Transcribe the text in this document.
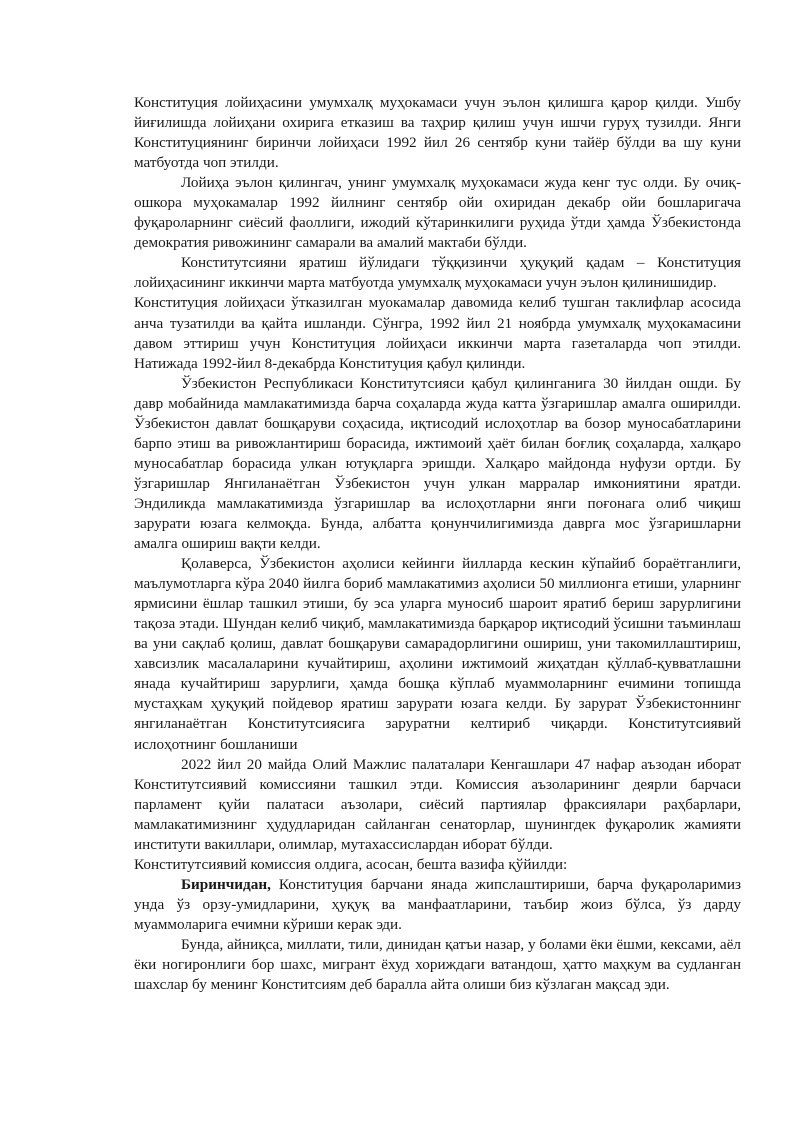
Конституция лойиҳасини умумхалқ муҳокамаси учун эълон қилишга қарор қилди. Ушбу йиғилишда лойиҳани охирига етказиш ва таҳрир қилиш учун ишчи гуруҳ тузилди. Янги Конституциянинг биринчи лойиҳаси 1992 йил 26 сентябр куни тайёр бўлди ва шу куни матбуотда чоп этилди.

Лойиҳа эълон қилингач, унинг умумхалқ муҳокамаси жуда кенг тус олди. Бу очиқ-ошкора муҳокамалар 1992 йилнинг сентябр ойи охиридан декабр ойи бошларигача фуқароларнинг сиёсий фаоллиги, ижодий кўтаринкилиги руҳида ўтди ҳамда Ўзбекистонда демократия ривожининг самарали ва амалий мактаби бўлди.

Конститутсияни яратиш йўлидаги тўққизинчи ҳуқуқий қадам – Конституция лойиҳасининг иккинчи марта матбуотда умумхалқ муҳокамаси учун эълон қилинишидир.

Конституция лойиҳаси ўтказилган муокамалар давомида келиб тушган таклифлар асосида анча тузатилди ва қайта ишланди. Сўнгра, 1992 йил 21 ноябрда умумхалқ муҳокамасини давом эттириш учун Конституция лойиҳаси иккинчи марта газеталарда чоп этилди. Натижада 1992-йил 8-декабрда Конституция қабул қилинди.

Ўзбекистон Республикаси Конститутсияси қабул қилинганига 30 йилдан ошди. Бу давр мобайнида мамлакатимизда барча соҳаларда жуда катта ўзгаришлар амалга оширилди. Ўзбекистон давлат бошқаруви соҳасида, иқтисодий ислоҳотлар ва бозор муносабатларини барпо этиш ва ривожлантириш борасида, ижтимоий ҳаёт билан боғлиқ соҳаларда, халқаро муносабатлар борасида улкан ютуқларга эришди. Халқаро майдонда нуфузи ортди. Бу ўзгаришлар Янгиланаётган Ўзбекистон учун улкан марралар имкониятини яратди. Эндиликда мамлакатимизда ўзгаришлар ва ислоҳотларни янги поғонага олиб чиқиш зарурати юзага келмоқда. Бунда, албатта қонунчилигимизда даврга мос ўзгаришларни амалга ошириш вақти келди.

Қолаверса, Ўзбекистон аҳолиси кейинги йилларда кескин кўпайиб бораётганлиги, маълумотларга кўра 2040 йилга бориб мамлакатимиз аҳолиси 50 миллионга етиши, уларнинг ярмисини ёшлар ташкил этиши, бу эса уларга муносиб шароит яратиб бериш зарурлигини тақоза этади. Шундан келиб чиқиб, мамлакатимизда барқарор иқтисодий ўсишни таъминлаш ва уни сақлаб қолиш, давлат бошқаруви самарадорлигини ошириш, уни такомиллаштириш, хавсизлик масалаларини кучайтириш, аҳолини ижтимоий жиҳатдан қўллаб-қувватлашни янада кучайтириш зарурлиги, ҳамда бошқа кўплаб муаммоларнинг ечимини топишда мустаҳкам ҳуқуқий пойдевор яратиш зарурати юзага келди. Бу зарурат Ўзбекистоннинг янгиланаётган Конститутсиясига заруратни келтириб чиқарди. Конститутсиявий ислоҳотнинг бошланиши

2022 йил 20 майда Олий Мажлис палаталари Кенгашлари 47 нафар аъзодан иборат Конститутсиявий комиссияни ташкил этди. Комиссия аъзоларининг деярли барчаси парламент қуйи палатаси аъзолари, сиёсий партиялар фраксиялари раҳбарлари, мамлакатимизнинг ҳудудларидан сайланган сенаторлар, шунингдек фуқаролик жамияти институти вакиллари, олимлар, мутахассислардан иборат бўлди.

Конститутсиявий комиссия олдига, асосан, бешта вазифа қўйилди:

Биринчидан, Конституция барчани янада жипслаштириши, барча фуқароларимиз унда ўз орзу-умидларини, ҳуқуқ ва манфаатларини, таъбир жоиз бўлса, ўз дарду муаммоларига ечимни кўриши керак эди.

Бунда, айниқса, миллати, тили, динидан қатъи назар, у болами ёки ёшми, кексами, аёл ёки ногиронлиги бор шахс, мигрант ёхуд хориждаги ватандош, ҳатто маҳкум ва судланган шахслар бу менинг Конститсиям деб баралла айта олиши биз кўзлаган мақсад эди.
